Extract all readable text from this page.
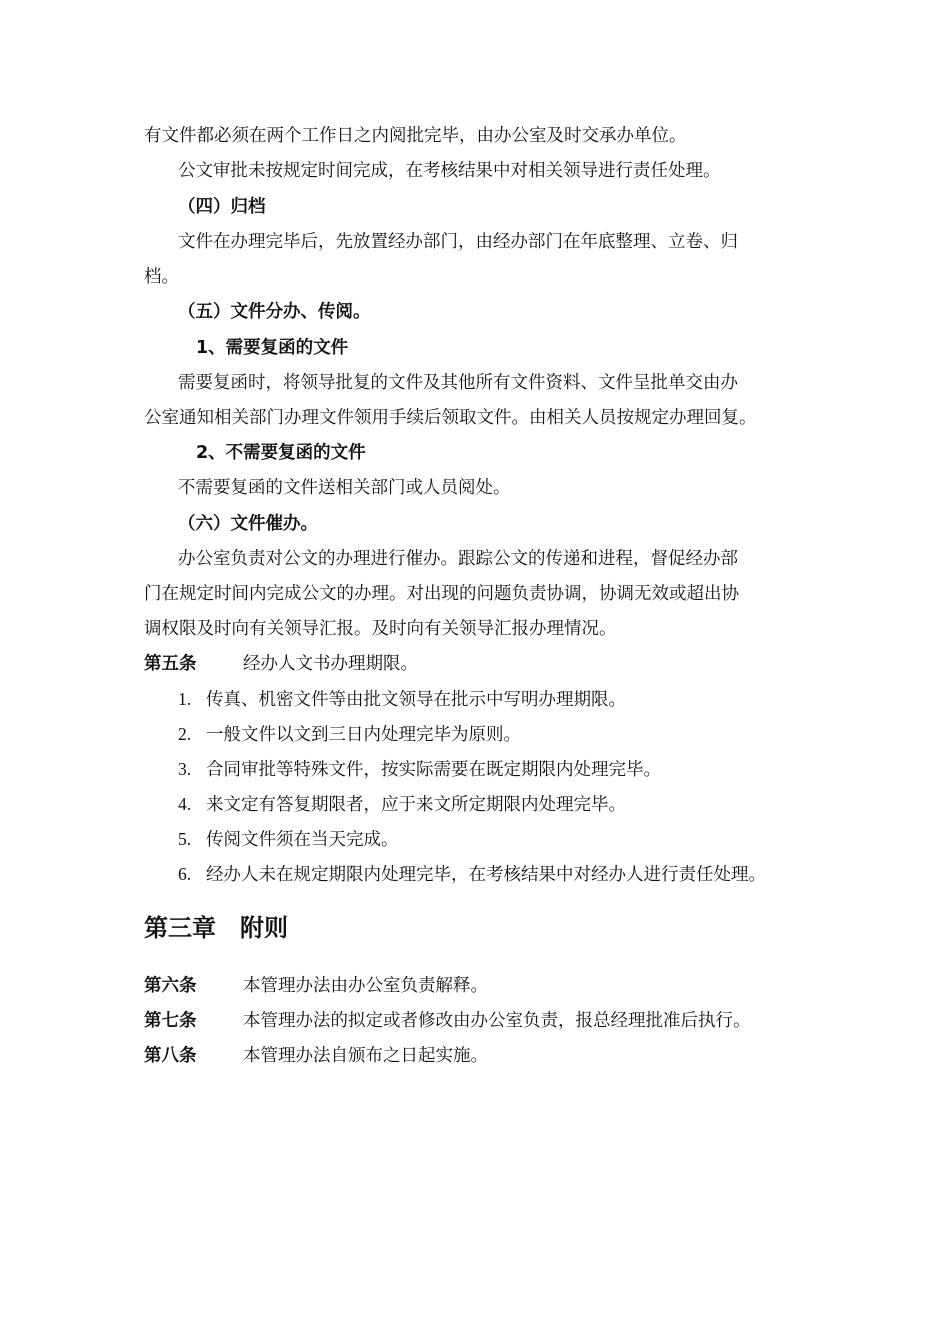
有文件都必须在两个工作日之内阅批完毕，由办公室及时交承办单位。
公文审批未按规定时间完成，在考核结果中对相关领导进行责任处理。
（四）归档
文件在办理完毕后，先放置经办部门，由经办部门在年底整理、立卷、归
档。
（五）文件分办、传阅。
1、需要复函的文件
需要复函时，将领导批复的文件及其他所有文件资料、文件呈批单交由办
公室通知相关部门办理文件领用手续后领取文件。由相关人员按规定办理回复。
2、不需要复函的文件
不需要复函的文件送相关部门或人员阅处。
（六）文件催办。
办公室负责对公文的办理进行催办。跟踪公文的传递和进程，督促经办部
门在规定时间内完成公文的办理。对出现的问题负责协调，协调无效或超出协
调权限及时向有关领导汇报。及时向有关领导汇报办理情况。
第五条	经办人文书办理期限。
1. 传真、机密文件等由批文领导在批示中写明办理期限。
2. 一般文件以文到三日内处理完毕为原则。
3. 合同审批等特殊文件，按实际需要在既定期限内处理完毕。
4. 来文定有答复期限者，应于来文所定期限内处理完毕。
5. 传阅文件须在当天完成。
6. 经办人未在规定期限内处理完毕，在考核结果中对经办人进行责任处理。
第三章　附则
第六条	本管理办法由办公室负责解释。
第七条	本管理办法的拟定或者修改由办公室负责，报总经理批准后执行。
第八条	本管理办法自颁布之日起实施。
